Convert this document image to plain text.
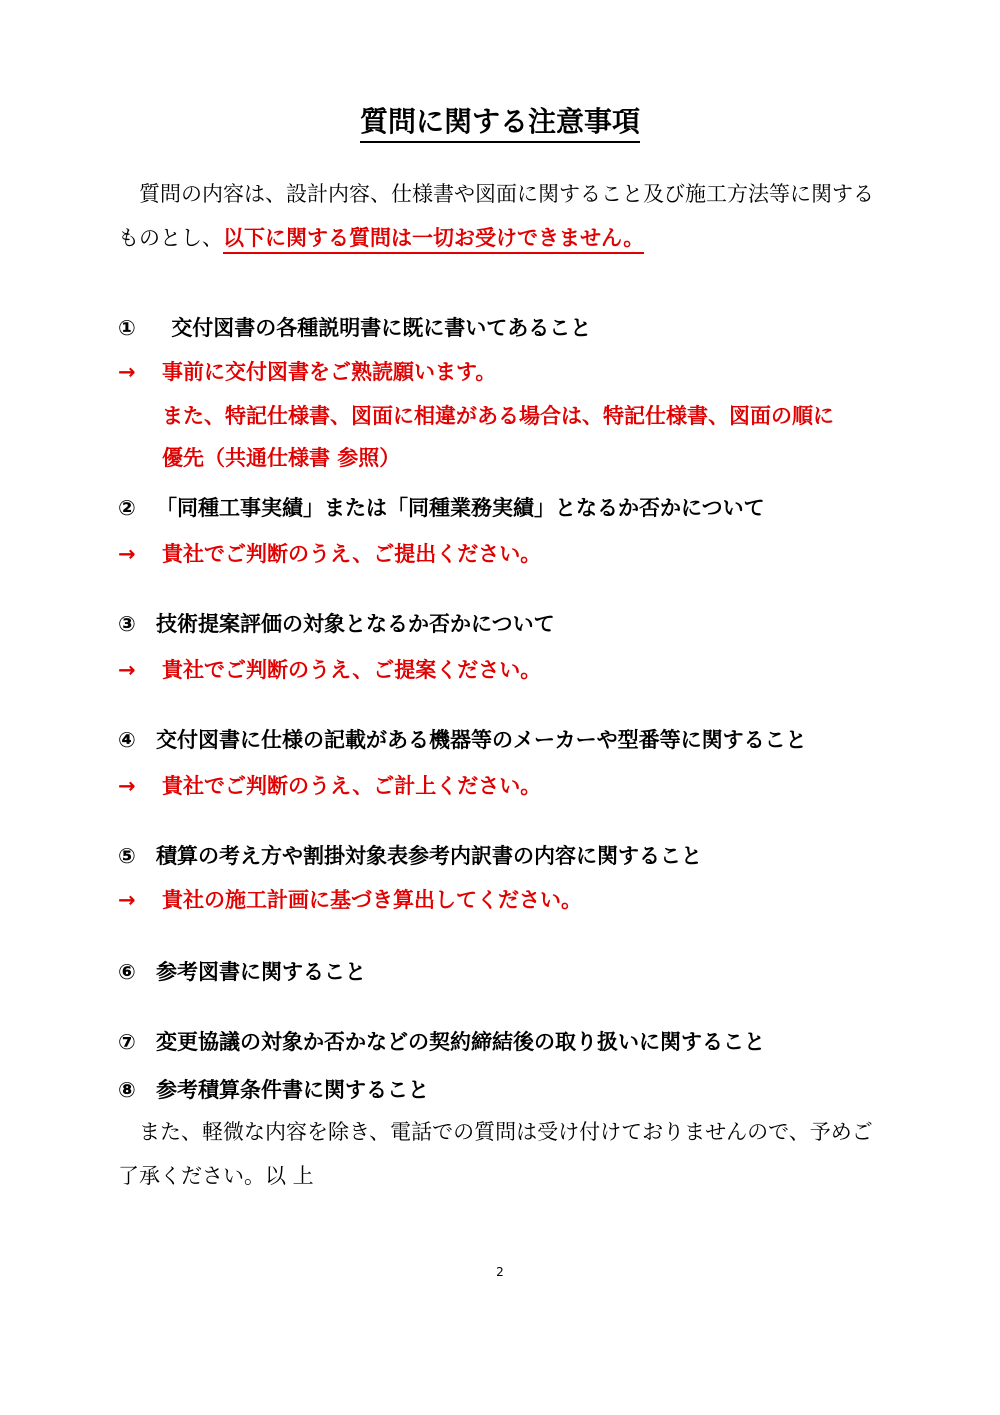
質問に関する注意事項
　質問の内容は、設計内容、仕様書や図面に関すること及び施工方法等に関するものとし、以下に関する質問は一切お受けできません。
① 交付図書の各種説明書に既に書いてあること
→ 事前に交付図書をご熟読願います。
また、特記仕様書、図面に相違がある場合は、特記仕様書、図面の順に
優先（共通仕様書 参照）
② 「同種工事実績」または「同種業務実績」となるか否かについて
→ 貴社でご判断のうえ、ご提出ください。
③ 技術提案評価の対象となるか否かについて
→ 貴社でご判断のうえ、ご提案ください。
④ 交付図書に仕様の記載がある機器等のメーカーや型番等に関すること
→ 貴社でご判断のうえ、ご計上ください。
⑤ 積算の考え方や割掛対象表参考内訳書の内容に関すること
→ 貴社の施工計画に基づき算出してください。
⑥ 参考図書に関すること
⑦ 変更協議の対象か否かなどの契約締結後の取り扱いに関すること
⑧ 参考積算条件書に関すること
　また、軽微な内容を除き、電話での質問は受け付けておりませんので、予めご了承ください。以 上
2
